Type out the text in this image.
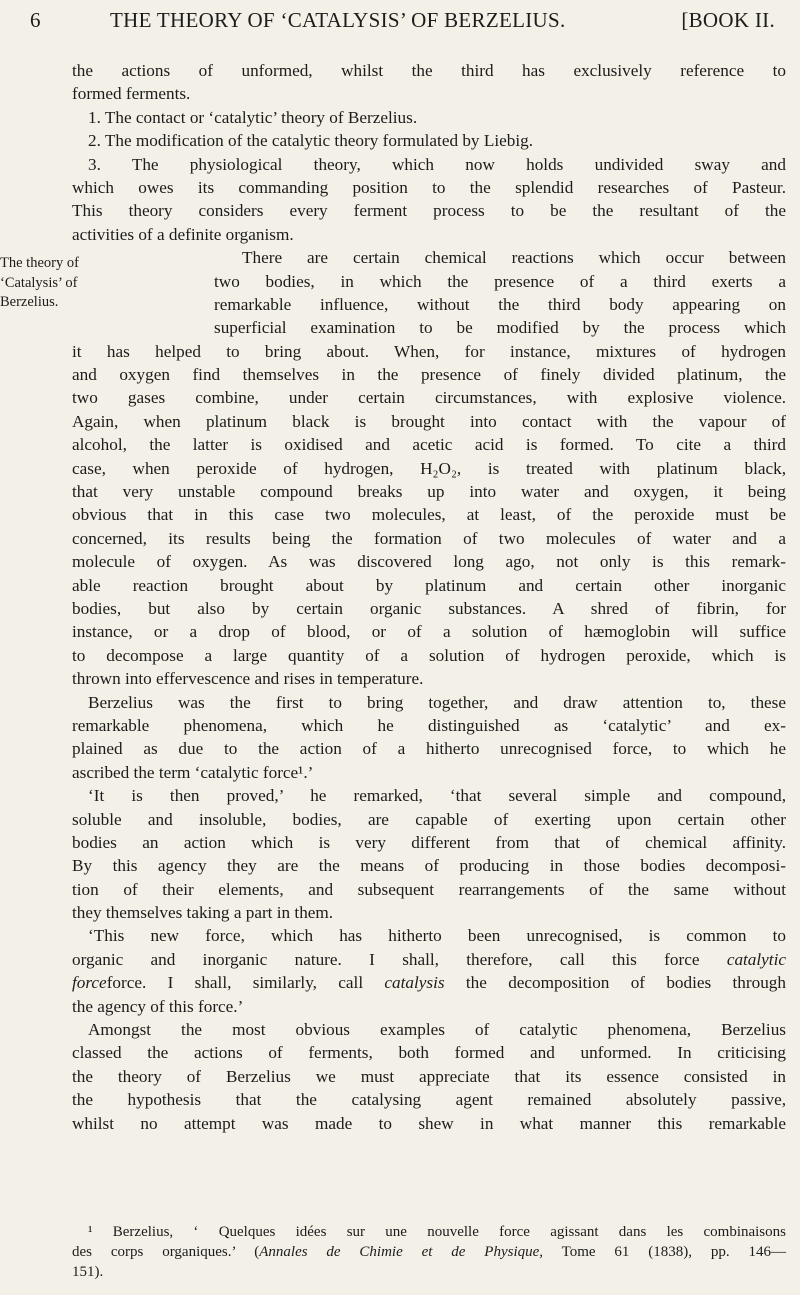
6	THE THEORY OF ‘CATALYSIS’ OF BERZELIUS.	[BOOK II.
the actions of unformed, whilst the third has exclusively reference to
formed ferments.
1. The contact or ‘catalytic’ theory of Berzelius.
2. The modification of the catalytic theory formulated by Liebig.
3. The physiological theory, which now holds undivided sway and
which owes its commanding position to the splendid researches of Pasteur.
This theory considers every ferment process to be the resultant of the
activities of a definite organism.
The theory of
‘Catalysis’ of
Berzelius.
There are certain chemical reactions which occur between
two bodies, in which the presence of a third exerts a
remarkable influence, without the third body appearing on
superficial examination to be modified by the process which
it has helped to bring about. When, for instance, mixtures of hydrogen
and oxygen find themselves in the presence of finely divided platinum, the
two gases combine, under certain circumstances, with explosive violence.
Again, when platinum black is brought into contact with the vapour of
alcohol, the latter is oxidised and acetic acid is formed. To cite a third
case, when peroxide of hydrogen, H₂O₂, is treated with platinum black,
that very unstable compound breaks up into water and oxygen, it being
obvious that in this case two molecules, at least, of the peroxide must be
concerned, its results being the formation of two molecules of water and a
molecule of oxygen. As was discovered long ago, not only is this remark-
able reaction brought about by platinum and certain other inorganic
bodies, but also by certain organic substances. A shred of fibrin, for
instance, or a drop of blood, or of a solution of hæmoglobin will suffice
to decompose a large quantity of a solution of hydrogen peroxide, which is
thrown into effervescence and rises in temperature.
Berzelius was the first to bring together, and draw attention to, these
remarkable phenomena, which he distinguished as ‘catalytic’ and ex-
plained as due to the action of a hitherto unrecognised force, to which he
ascribed the term ‘catalytic force¹.’
‘It is then proved,’ he remarked, ‘that several simple and compound,
soluble and insoluble, bodies, are capable of exerting upon certain other
bodies an action which is very different from that of chemical affinity.
By this agency they are the means of producing in those bodies decomposi-
tion of their elements, and subsequent rearrangements of the same without
they themselves taking a part in them.
‘This new force, which has hitherto been unrecognised, is common to
organic and inorganic nature. I shall, therefore, call this force catalytic
forceforce. I shall, similarly, call catalysis the decomposition of bodies through
the agency of this force.’
Amongst the most obvious examples of catalytic phenomena, Berzelius
classed the actions of ferments, both formed and unformed. In criticising
the theory of Berzelius we must appreciate that its essence consisted in
the hypothesis that the catalysing agent remained absolutely passive,
whilst no attempt was made to shew in what manner this remarkable
¹ Berzelius, ‘ Quelques idées sur une nouvelle force agissant dans les combinaisons
des corps organiques.’ (Annales de Chimie et de Physique, Tome 61 (1838), pp. 146—
151).
